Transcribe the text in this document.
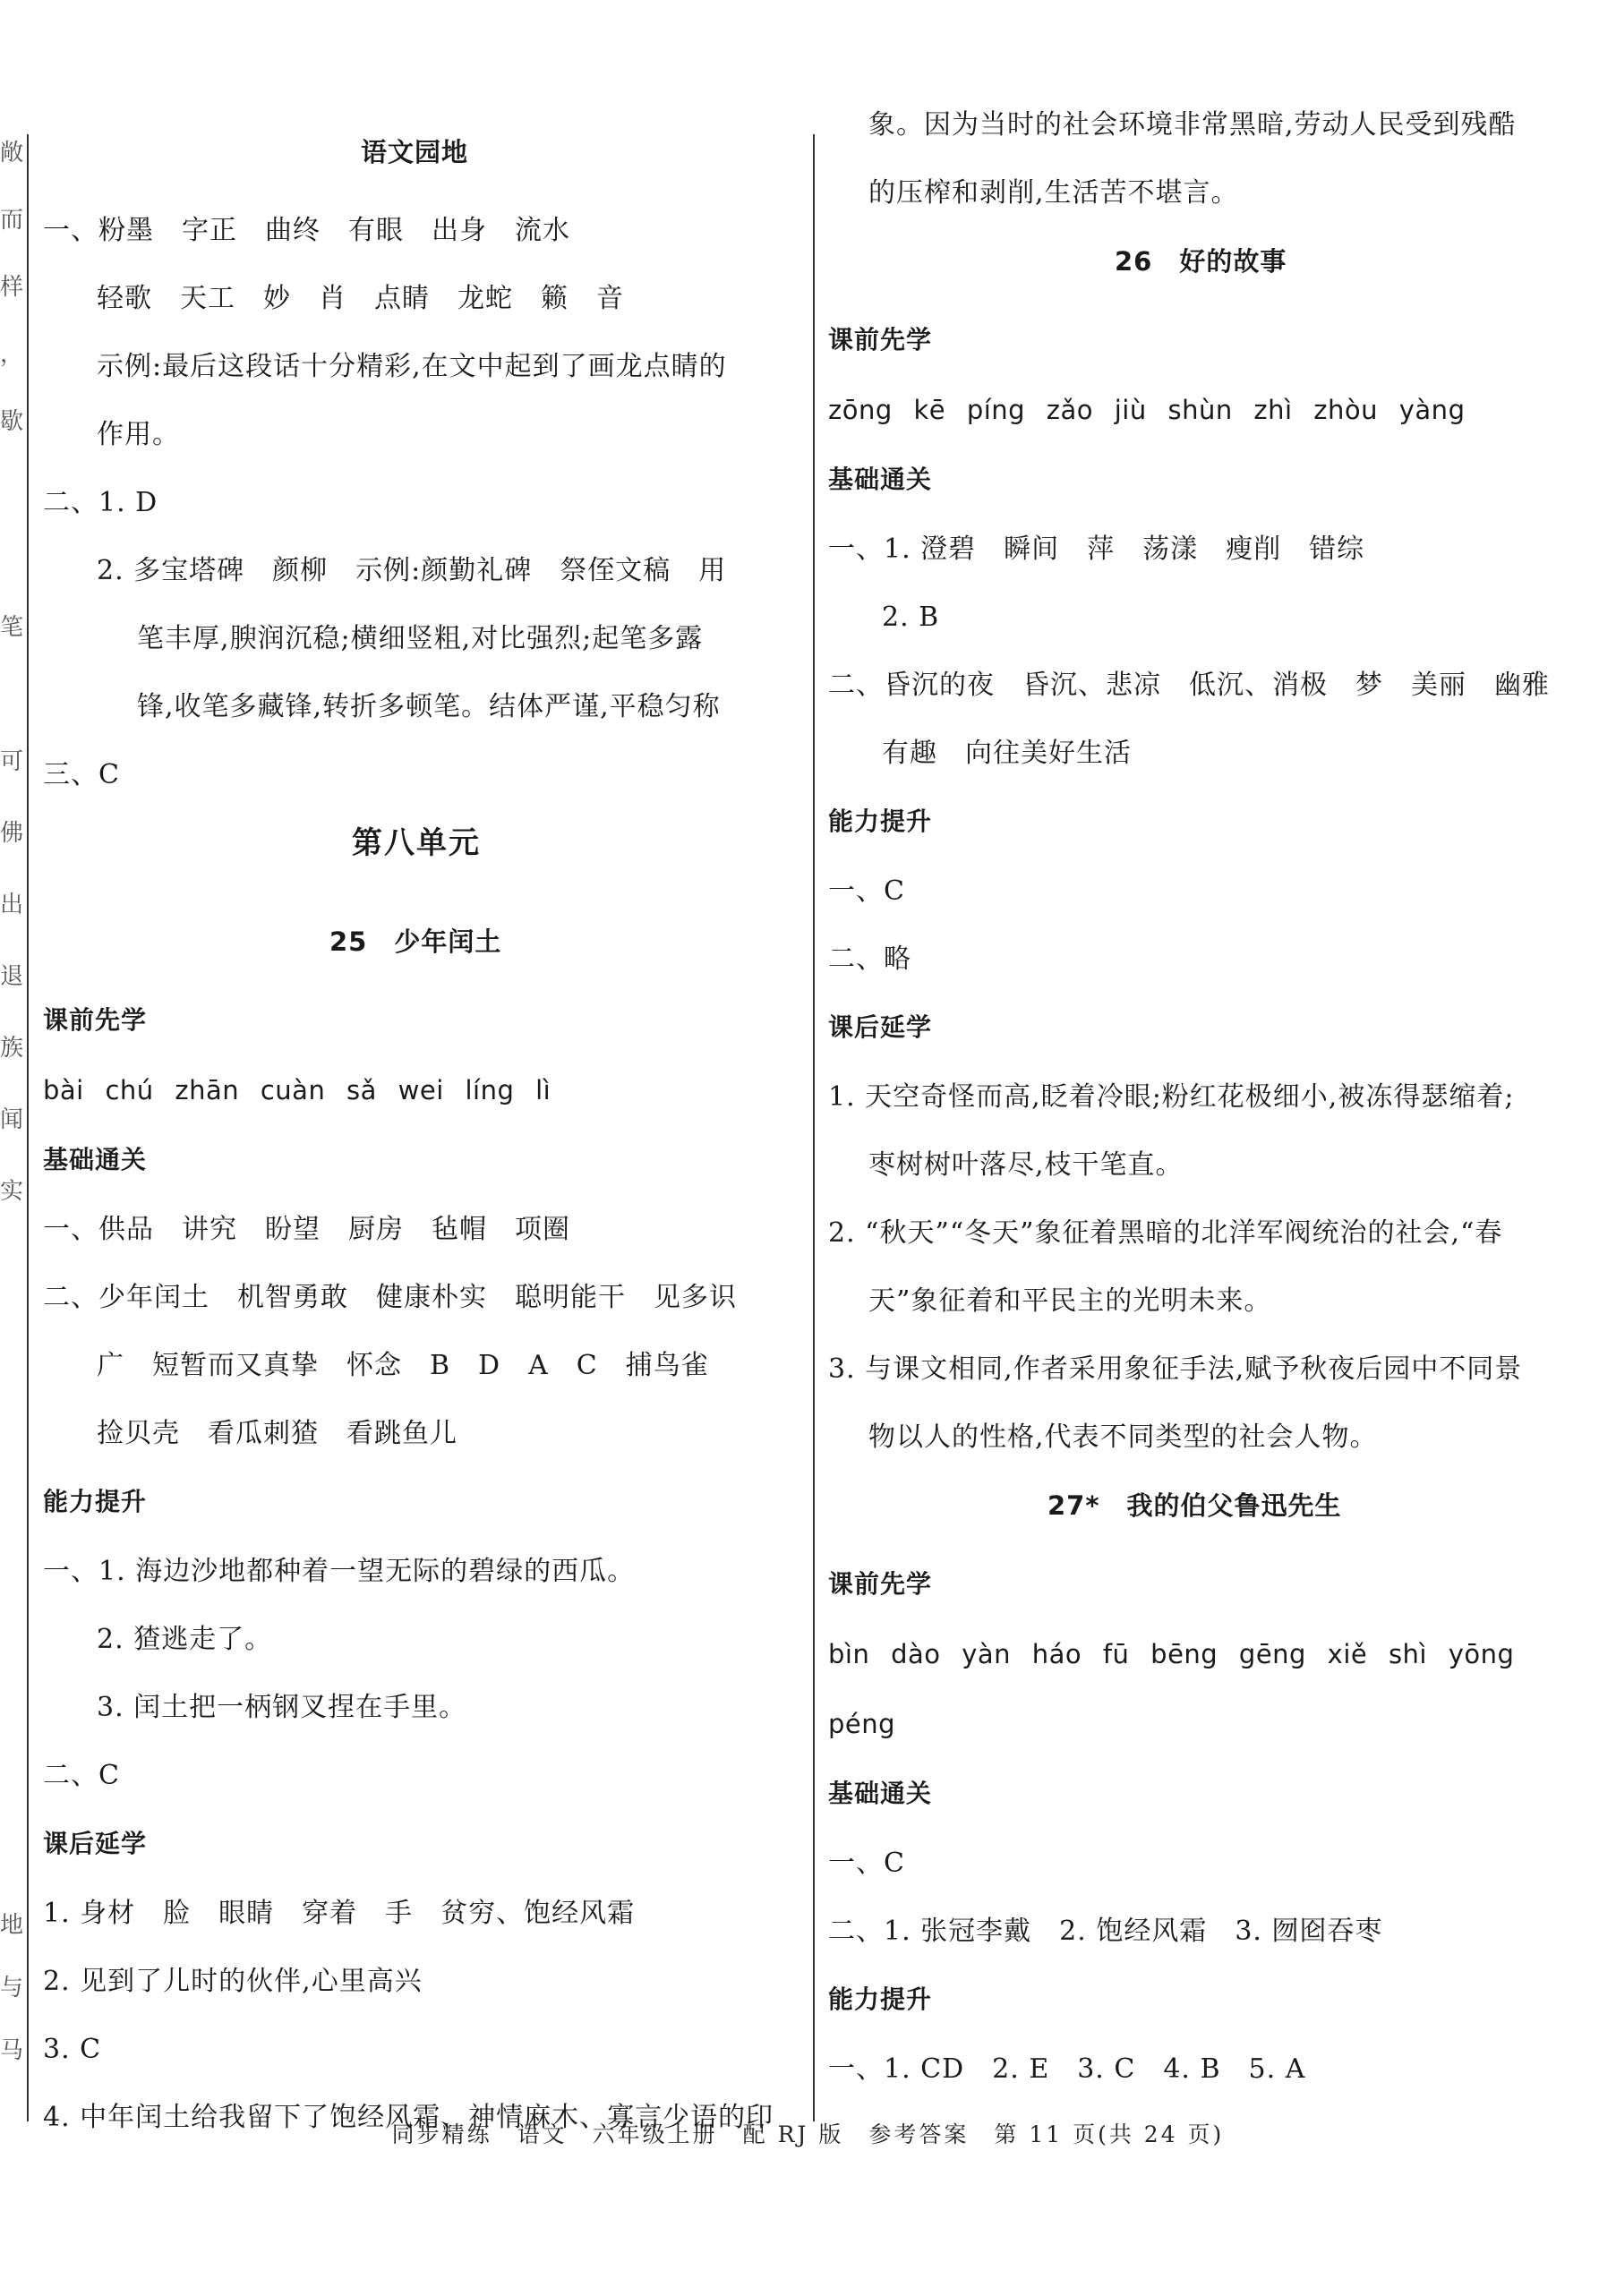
语文园地
一、粉墨　字正　曲终　有眼　出身　流水
轻歌　天工　妙　肖　点睛　龙蛇　籁　音
示例:最后这段话十分精彩,在文中起到了画龙点睛的
作用。
二、1. D
2. 多宝塔碑　颜柳　示例:颜勤礼碑　祭侄文稿　用
笔丰厚,腴润沉稳;横细竖粗,对比强烈;起笔多露
锋,收笔多藏锋,转折多顿笔。结体严谨,平稳匀称
三、C
第八单元
25　少年闰土
课前先学
bài chú zhān cuàn sǎ wei líng lì
基础通关
一、供品　讲究　盼望　厨房　毡帽　项圈
二、少年闰土　机智勇敢　健康朴实　聪明能干　见多识
广　短暂而又真挚　怀念　B　D　A　C　捕鸟雀
捡贝壳　看瓜刺猹　看跳鱼儿
能力提升
一、1. 海边沙地都种着一望无际的碧绿的西瓜。
2. 猹逃走了。
3. 闰土把一柄钢叉捏在手里。
二、C
课后延学
1. 身材　脸　眼睛　穿着　手　贫穷、饱经风霜
2. 见到了儿时的伙伴,心里高兴
3. C
4. 中年闰土给我留下了饱经风霜、神情麻木、寡言少语的印
象。因为当时的社会环境非常黑暗,劳动人民受到残酷
的压榨和剥削,生活苦不堪言。
26　好的故事
课前先学
zōng kē píng zǎo jiù shùn zhì zhòu yàng
基础通关
一、1. 澄碧　瞬间　萍　荡漾　瘦削　错综
2. B
二、昏沉的夜　昏沉、悲凉　低沉、消极　梦　美丽　幽雅
有趣　向往美好生活
能力提升
一、C
二、略
课后延学
1. 天空奇怪而高,眨着冷眼;粉红花极细小,被冻得瑟缩着;
枣树树叶落尽,枝干笔直。
2. “秋天”“冬天”象征着黑暗的北洋军阀统治的社会,“春
天”象征着和平民主的光明未来。
3. 与课文相同,作者采用象征手法,赋予秋夜后园中不同景
物以人的性格,代表不同类型的社会人物。
27*　我的伯父鲁迅先生
课前先学
bìn dào yàn háo fū bēng gēng xiě shì yōng
péng
基础通关
一、C
二、1. 张冠李戴　2. 饱经风霜　3. 囫囵吞枣
能力提升
一、1. CD　2. E　3. C　4. B　5. A
敞
而
样
，
歇
笔
可
佛
出
退
族
闻
实
地
与
马
同步精练　语文　六年级上册　配 RJ 版　参考答案　第 11 页(共 24 页)
